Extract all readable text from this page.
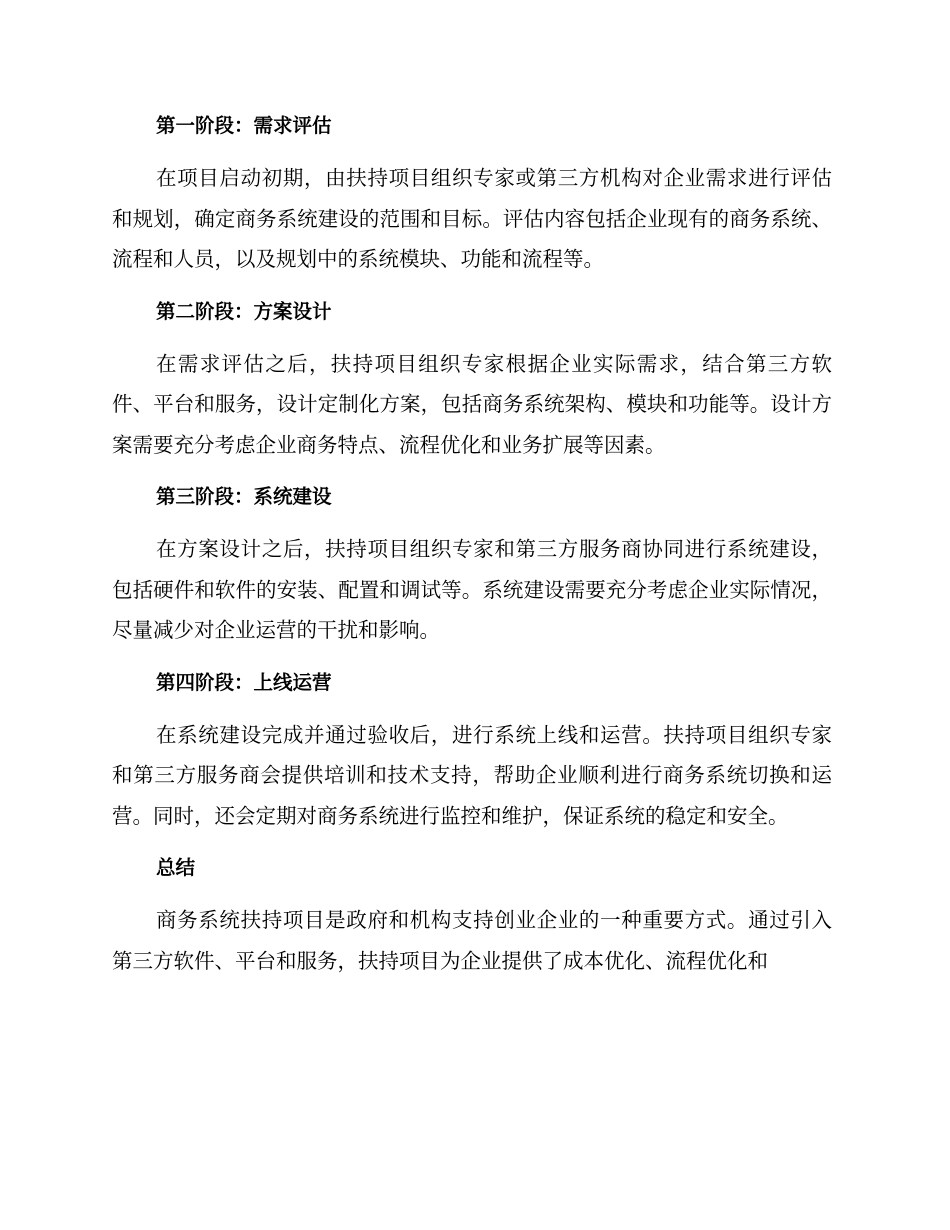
第一阶段：需求评估

在项目启动初期，由扶持项目组织专家或第三方机构对企业需求进行评估和规划，确定商务系统建设的范围和目标。评估内容包括企业现有的商务系统、流程和人员，以及规划中的系统模块、功能和流程等。

第二阶段：方案设计

在需求评估之后，扶持项目组织专家根据企业实际需求，结合第三方软件、平台和服务，设计定制化方案，包括商务系统架构、模块和功能等。设计方案需要充分考虑企业商务特点、流程优化和业务扩展等因素。

第三阶段：系统建设

在方案设计之后，扶持项目组织专家和第三方服务商协同进行系统建设，包括硬件和软件的安装、配置和调试等。系统建设需要充分考虑企业实际情况，尽量减少对企业运营的干扰和影响。

第四阶段：上线运营

在系统建设完成并通过验收后，进行系统上线和运营。扶持项目组织专家和第三方服务商会提供培训和技术支持，帮助企业顺利进行商务系统切换和运营。同时，还会定期对商务系统进行监控和维护，保证系统的稳定和安全。

总结

商务系统扶持项目是政府和机构支持创业企业的一种重要方式。通过引入第三方软件、平台和服务，扶持项目为企业提供了成本优化、流程优化和
